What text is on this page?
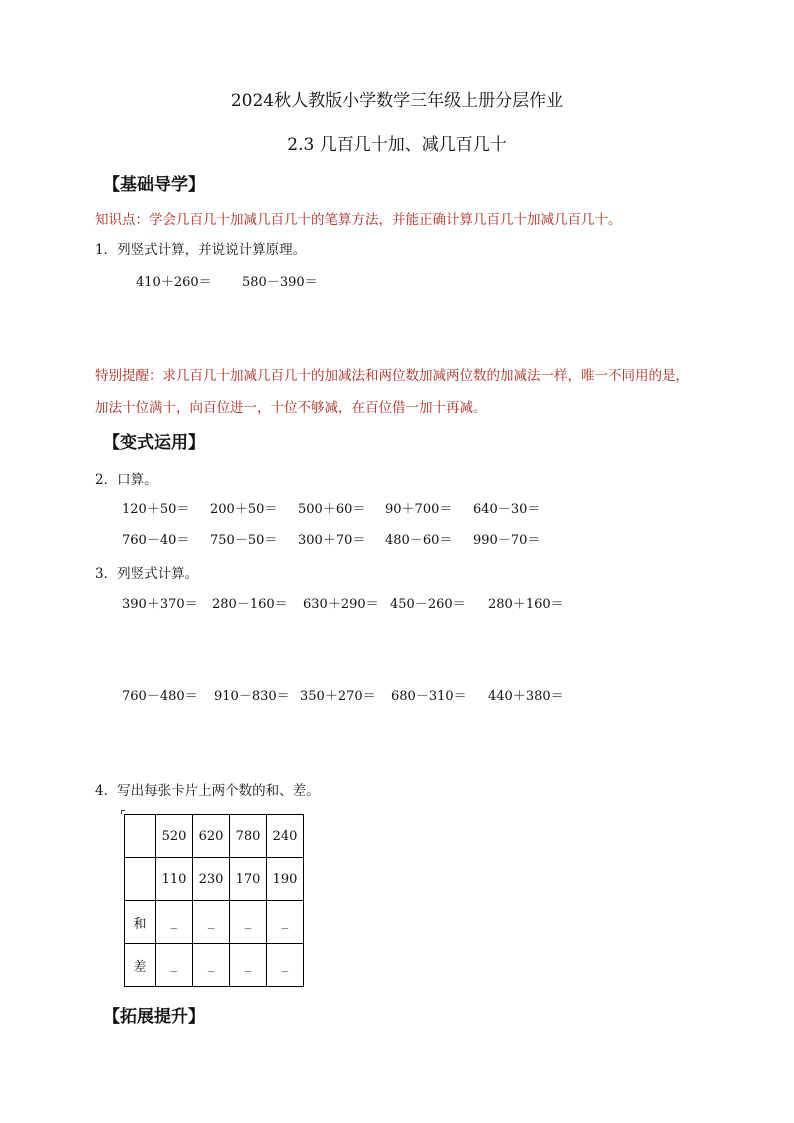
2024秋人教版小学数学三年级上册分层作业
2.3 几百几十加、减几百几十
【基础导学】
知识点：学会几百几十加减几百几十的笔算方法，并能正确计算几百几十加减几百几十。
1．列竖式计算，并说说计算原理。
410＋260＝ 580－390＝
特别提醒：求几百几十加减几百几十的加减法和两位数加减两位数的加减法一样，唯一不同用的是，
加法十位满十，向百位进一，十位不够减，在百位借一加十再减。
【变式运用】
2．口算。
120＋50＝ 200＋50＝ 500＋60＝ 90＋700＝ 640－30＝
760－40＝ 750－50＝ 300＋70＝ 480－60＝ 990－70＝
3．列竖式计算。
390＋370＝ 280－160＝ 630＋290＝ 450－260＝ 280＋160＝
760－480＝ 910－830＝ 350＋270＝ 680－310＝ 440＋380＝
4．写出每张卡片上两个数的和、差。
	520	620	780	240
	110	230	170	190
和	_	_	_	_
差	_	_	_	_
【拓展提升】
